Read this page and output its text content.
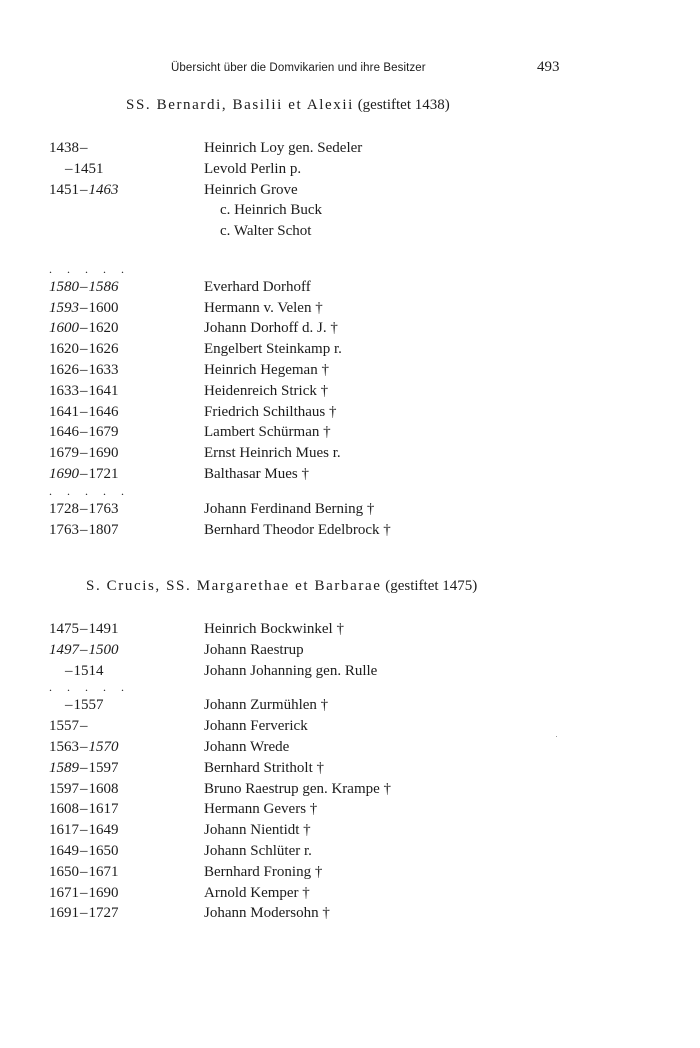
Übersicht über die Domvikarien und ihre Besitzer	493
SS. Bernardi, Basilii et Alexii (gestiftet 1438)
1438–	Heinrich Loy gen. Sedeler
–1451	Levold Perlin p.
1451–1463	Heinrich Grove
c. Heinrich Buck
c. Walter Schot
. . . . .
1580–1586	Everhard Dorhoff
1593–1600	Hermann v. Velen †
1600–1620	Johann Dorhoff d. J. †
1620–1626	Engelbert Steinkamp r.
1626–1633	Heinrich Hegeman †
1633–1641	Heidenreich Strick †
1641–1646	Friedrich Schilthaus †
1646–1679	Lambert Schürman †
1679–1690	Ernst Heinrich Mues r.
1690–1721	Balthasar Mues †
. . . . .
1728–1763	Johann Ferdinand Berning †
1763–1807	Bernhard Theodor Edelbrock †
S. Crucis, SS. Margarethae et Barbarae (gestiftet 1475)
1475–1491	Heinrich Bockwinkel †
1497–1500	Johann Raestrup
–1514	Johann Johanning gen. Rulle
. . . . .
–1557	Johann Zurmühlen †
1557–	Johann Ferverick
1563–1570	Johann Wrede
1589–1597	Bernhard Stritholt †
1597–1608	Bruno Raestrup gen. Krampe †
1608–1617	Hermann Gevers †
1617–1649	Johann Nientidt †
1649–1650	Johann Schlüter r.
1650–1671	Bernhard Froning †
1671–1690	Arnold Kemper †
1691–1727	Johann Modersohn †
